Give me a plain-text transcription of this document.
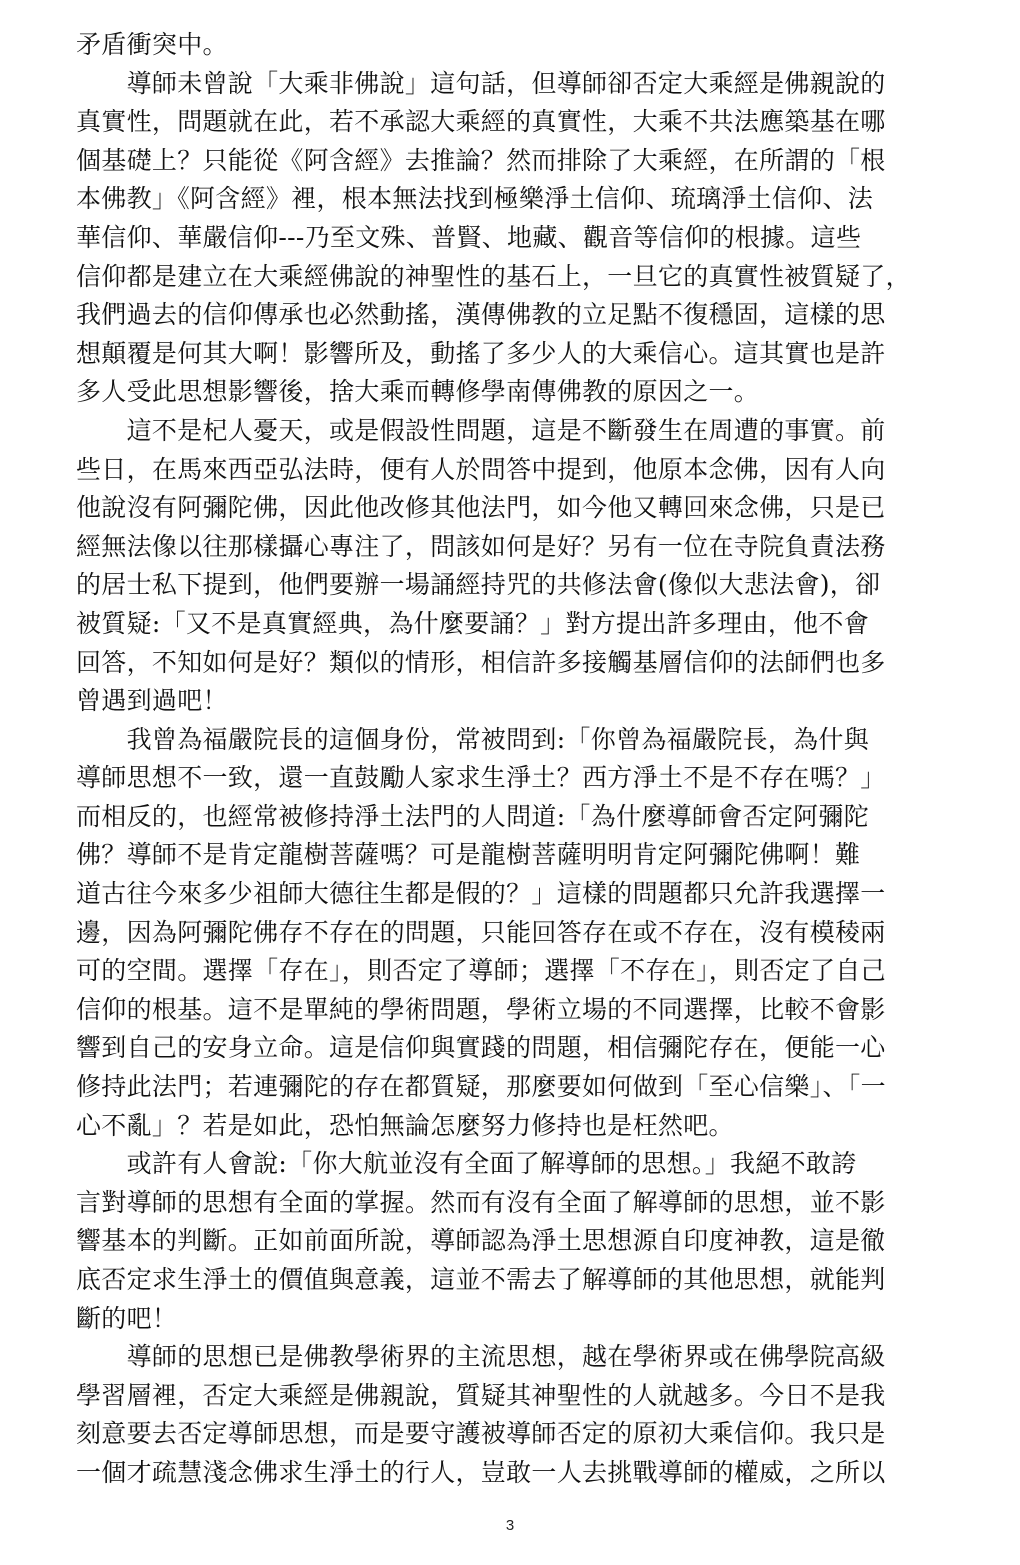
矛盾衝突中。
　　導師未曾說「大乘非佛說」這句話，但導師卻否定大乘經是佛親說的
真實性，問題就在此，若不承認大乘經的真實性，大乘不共法應築基在哪
個基礎上？只能從《阿含經》去推論？然而排除了大乘經，在所謂的「根
本佛教」《阿含經》裡，根本無法找到極樂淨土信仰、琉璃淨土信仰、法
華信仰、華嚴信仰---乃至文殊、普賢、地藏、觀音等信仰的根據。這些
信仰都是建立在大乘經佛說的神聖性的基石上，一旦它的真實性被質疑了，
我們過去的信仰傳承也必然動搖，漢傳佛教的立足點不復穩固，這樣的思
想顛覆是何其大啊！影響所及，動搖了多少人的大乘信心。這其實也是許
多人受此思想影響後，捨大乘而轉修學南傳佛教的原因之一。
　　這不是杞人憂天，或是假設性問題，這是不斷發生在周遭的事實。前
些日，在馬來西亞弘法時，便有人於問答中提到，他原本念佛，因有人向
他說沒有阿彌陀佛，因此他改修其他法門，如今他又轉回來念佛，只是已
經無法像以往那樣攝心專注了，問該如何是好？另有一位在寺院負責法務
的居士私下提到，他們要辦一場誦經持咒的共修法會(像似大悲法會)，卻
被質疑:「又不是真實經典，為什麼要誦？」對方提出許多理由，他不會
回答，不知如何是好？類似的情形，相信許多接觸基層信仰的法師們也多
曾遇到過吧！
　　我曾為福嚴院長的這個身份，常被問到:「你曾為福嚴院長，為什與
導師思想不一致，還一直鼓勵人家求生淨土？西方淨土不是不存在嗎？」
而相反的，也經常被修持淨土法門的人問道:「為什麼導師會否定阿彌陀
佛？導師不是肯定龍樹菩薩嗎？可是龍樹菩薩明明肯定阿彌陀佛啊！難
道古往今來多少祖師大德往生都是假的？」這樣的問題都只允許我選擇一
邊，因為阿彌陀佛存不存在的問題，只能回答存在或不存在，沒有模稜兩
可的空間。選擇「存在」，則否定了導師；選擇「不存在」，則否定了自己
信仰的根基。這不是單純的學術問題，學術立場的不同選擇，比較不會影
響到自己的安身立命。這是信仰與實踐的問題，相信彌陀存在，便能一心
修持此法門；若連彌陀的存在都質疑，那麼要如何做到「至心信樂」、「一
心不亂」？若是如此，恐怕無論怎麼努力修持也是枉然吧。
　　或許有人會說:「你大航並沒有全面了解導師的思想。」我絕不敢誇
言對導師的思想有全面的掌握。然而有沒有全面了解導師的思想，並不影
響基本的判斷。正如前面所說，導師認為淨土思想源自印度神教，這是徹
底否定求生淨土的價值與意義，這並不需去了解導師的其他思想，就能判
斷的吧！
　　導師的思想已是佛教學術界的主流思想，越在學術界或在佛學院高級
學習層裡，否定大乘經是佛親說，質疑其神聖性的人就越多。今日不是我
刻意要去否定導師思想，而是要守護被導師否定的原初大乘信仰。我只是
一個才疏慧淺念佛求生淨土的行人，豈敢一人去挑戰導師的權威，之所以
3
